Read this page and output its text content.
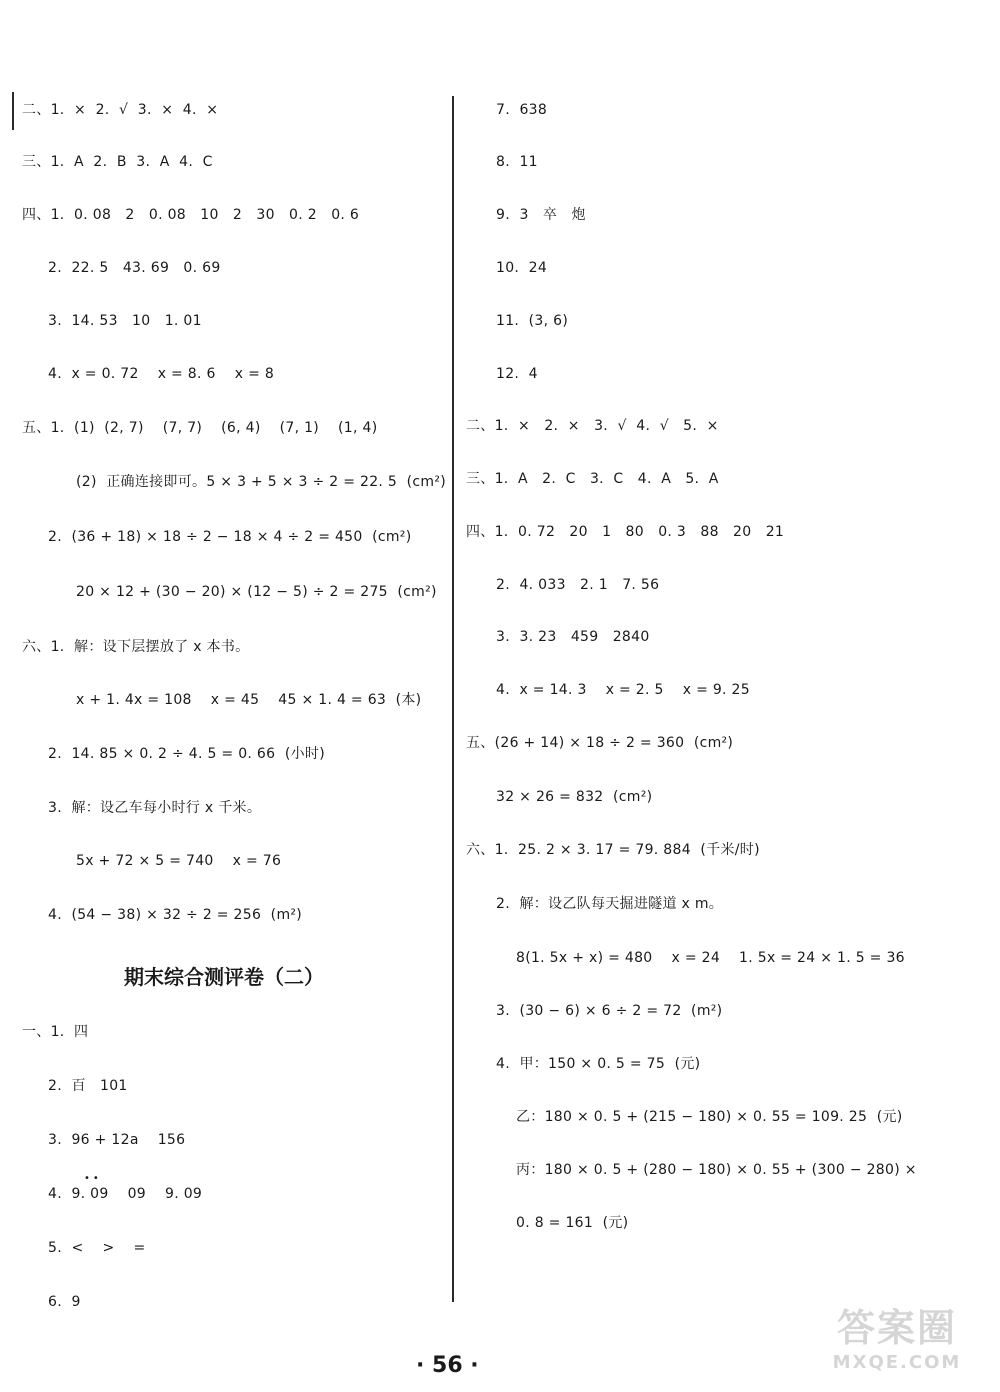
二、1.  ×  2.  √  3.  ×  4.  ×
三、1.  A  2.  B  3.  A  4.  C
四、1.  0. 08   2   0. 08   10   2   30   0. 2   0. 6
2.  22. 5   43. 69   0. 69
3.  14. 53   10   1. 01
4.  x = 0. 72    x = 8. 6    x = 8
五、1.  (1)  (2, 7)    (7, 7)    (6, 4)    (7, 1)    (1, 4)
(2)  正确连接即可。5 × 3 + 5 × 3 ÷ 2 = 22. 5  (cm²)
2.  (36 + 18) × 18 ÷ 2 − 18 × 4 ÷ 2 = 450  (cm²)
20 × 12 + (30 − 20) × (12 − 5) ÷ 2 = 275  (cm²)
六、1.  解：设下层摆放了 x 本书。
x + 1. 4x = 108    x = 45    45 × 1. 4 = 63  (本)
2.  14. 85 × 0. 2 ÷ 4. 5 = 0. 66  (小时)
3.  解：设乙车每小时行 x 千米。
5x + 72 × 5 = 740    x = 76
4.  (54 − 38) × 32 ÷ 2 = 256  (m²)
期末综合测评卷（二）
一、1.  四
2.  百   101
3.  96 + 12a    156
••
4.  9. 09    09    9. 09
5.  <    >    =
6.  9
7.  638
8.  11
9.  3   卒   炮
10.  24
11.  (3, 6)
12.  4
二、1.  ×   2.  ×   3.  √  4.  √   5.  ×
三、1.  A   2.  C   3.  C   4.  A   5.  A
四、1.  0. 72   20   1   80   0. 3   88   20   21
2.  4. 033   2. 1   7. 56
3.  3. 23   459   2840
4.  x = 14. 3    x = 2. 5    x = 9. 25
五、(26 + 14) × 18 ÷ 2 = 360  (cm²)
32 × 26 = 832  (cm²)
六、1.  25. 2 × 3. 17 = 79. 884  (千米/时)
2.  解：设乙队每天掘进隧道 x m。
8(1. 5x + x) = 480    x = 24    1. 5x = 24 × 1. 5 = 36
3.  (30 − 6) × 6 ÷ 2 = 72  (m²)
4.  甲：150 × 0. 5 = 75  (元)
乙：180 × 0. 5 + (215 − 180) × 0. 55 = 109. 25  (元)
丙：180 × 0. 5 + (280 − 180) × 0. 55 + (300 − 280) ×
0. 8 = 161  (元)
· 56 ·
答案圈
MXQE.COM
